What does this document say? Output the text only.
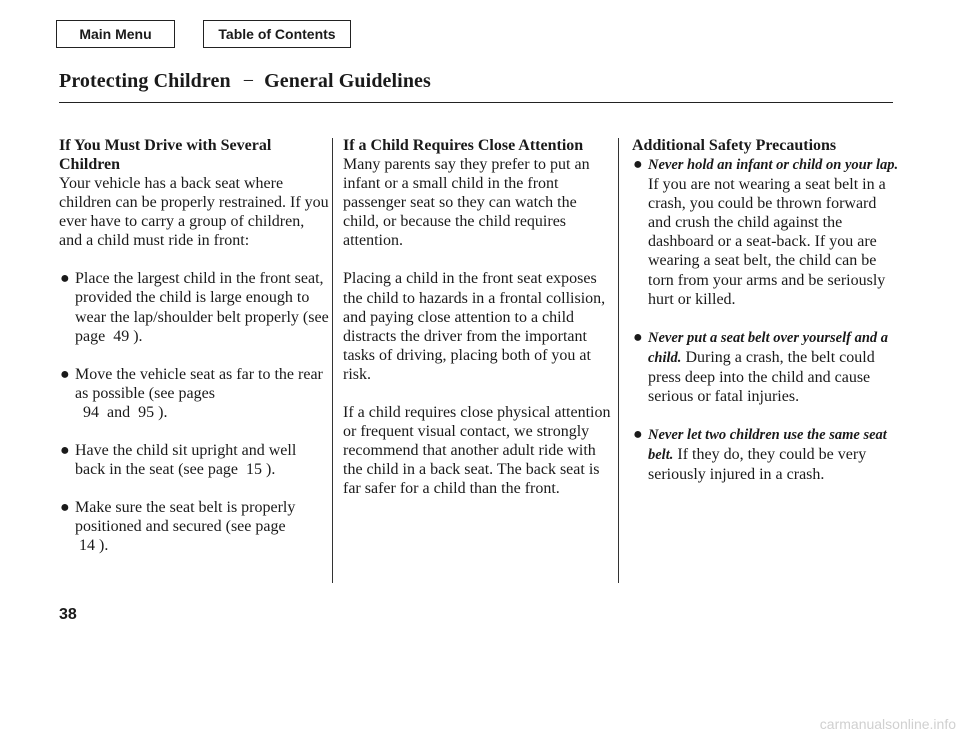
Main Menu	Table of Contents
Protecting Children − General Guidelines

If You Must Drive with Several Children

Your vehicle has a back seat where children can be properly restrained. If you ever have to carry a group of children, and a child must ride in front:

● Place the largest child in the front seat, provided the child is large enough to wear the lap/shoulder belt properly (see page 49 ).
● Move the vehicle seat as far to the rear as possible (see pages
94 and 95 ).
● Have the child sit upright and well back in the seat (see page 15 ).
● Make sure the seat belt is properly positioned and secured (see page
14 ).

If a Child Requires Close Attention

Many parents say they prefer to put an infant or a small child in the front passenger seat so they can watch the child, or because the child requires attention.

Placing a child in the front seat exposes the child to hazards in a frontal collision, and paying close attention to a child distracts the driver from the important tasks of driving, placing both of you at risk.

If a child requires close physical attention or frequent visual contact, we strongly recommend that another adult ride with the child in a back seat. The back seat is far safer for a child than the front.

Additional Safety Precautions

● Never hold an infant or child on your lap. If you are not wearing a seat belt in a crash, you could be thrown forward and crush the child against the dashboard or a seat-back. If you are wearing a seat belt, the child can be torn from your arms and be seriously hurt or killed.
● Never put a seat belt over yourself and a child. During a crash, the belt could press deep into the child and cause serious or fatal injuries.
● Never let two children use the same seat belt. If they do, they could be very seriously injured in a crash.
38
carmanualsonline.info
